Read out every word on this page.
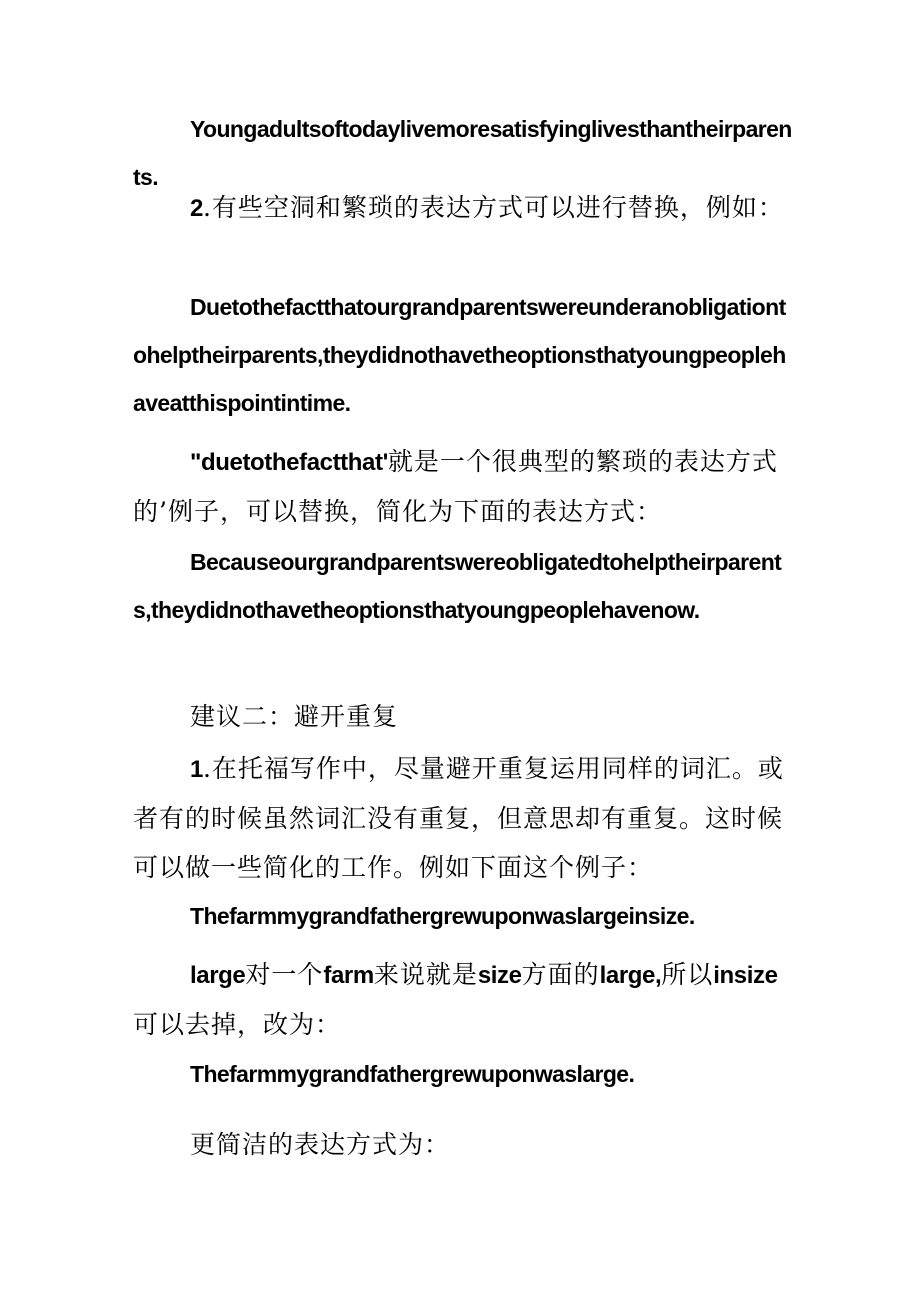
Youngadultsoftodaylivemoresatisfyinglivesthantheirparents.

2.有些空洞和繁琐的表达方式可以进行替换，例如：

Duetothefactthatourgrandparentswereunderanobligationtohelptheirparents,theydidnothavetheoptionsthatyoungpeoplehaveatthispointintime.

"duetothefactthat'就是一个很典型的繁琐的表达方式的’例子，可以替换，简化为下面的表达方式：

Becauseourgrandparentswereobligatedtohelptheirparents,theydidnothavetheoptionsthatyoungpeoplehavenow.

建议二：避开重复

1.在托福写作中，尽量避开重复运用同样的词汇。或者有的时候虽然词汇没有重复，但意思却有重复。这时候可以做一些简化的工作。例如下面这个例子：

Thefarmmygrandfathergrewuponwaslargeinsize.

large对一个farm来说就是size方面的large,所以insize可以去掉，改为：

Thefarmmygrandfathergrewuponwaslarge.

更简洁的表达方式为：
